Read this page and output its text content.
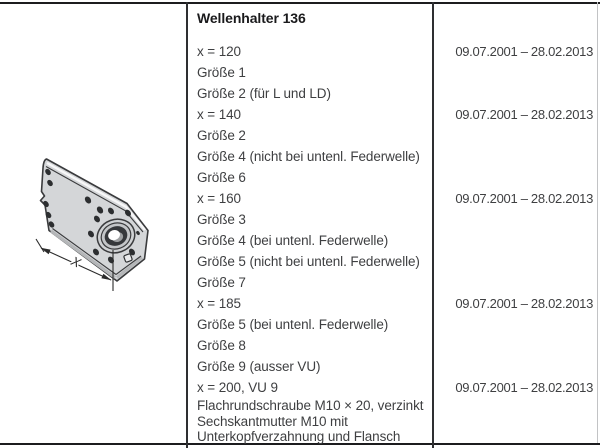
X
Wellenhalter 136
x = 120	09.07.2001 – 28.02.2013
Größe 1
Größe 2 (für L und LD)
x = 140	09.07.2001 – 28.02.2013
Größe 2
Größe 4 (nicht bei untenl. Federwelle)
Größe 6
x = 160	09.07.2001 – 28.02.2013
Größe 3
Größe 4 (bei untenl. Federwelle)
Größe 5 (nicht bei untenl. Federwelle)
Größe 7
x = 185	09.07.2001 – 28.02.2013
Größe 5 (bei untenl. Federwelle)
Größe 8
Größe 9 (ausser VU)
x = 200, VU 9	09.07.2001 – 28.02.2013
Flachrundschraube M10 × 20, verzinkt
Sechskantmutter M10 mit
Unterkopfverzahnung und Flansch
